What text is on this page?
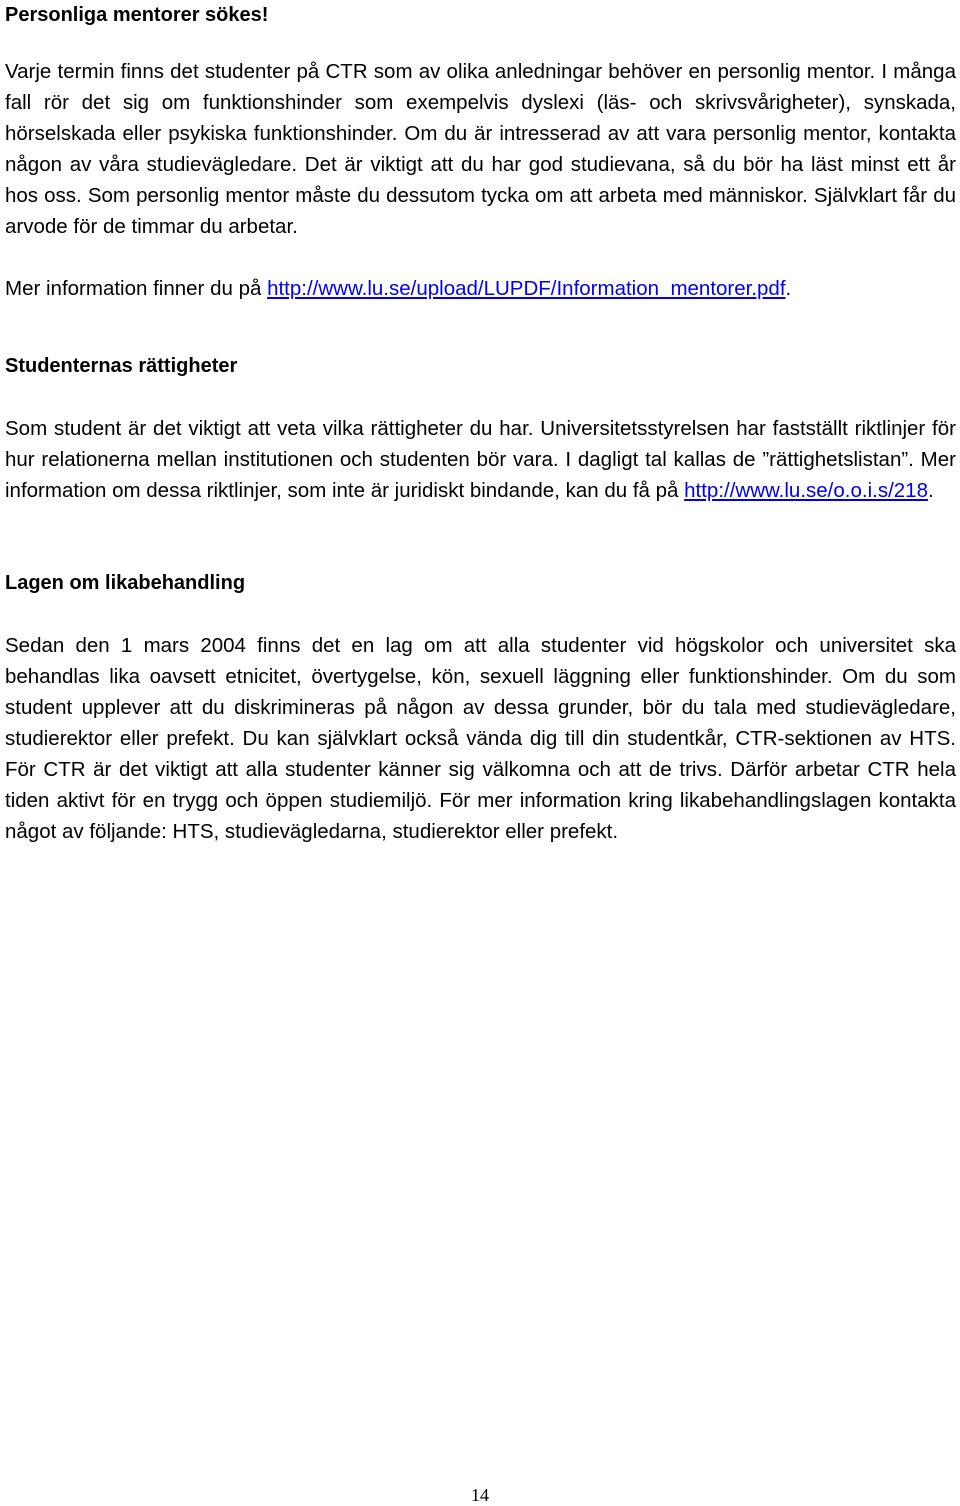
Personliga mentorer sökes!

Varje termin finns det studenter på CTR som av olika anledningar behöver en personlig mentor. I många fall rör det sig om funktionshinder som exempelvis dyslexi (läs- och skrivsvårigheter), synskada, hörselskada eller psykiska funktionshinder. Om du är intresserad av att vara personlig mentor, kontakta någon av våra studievägledare. Det är viktigt att du har god studievana, så du bör ha läst minst ett år hos oss. Som personlig mentor måste du dessutom tycka om att arbeta med människor. Självklart får du arvode för de timmar du arbetar.

Mer information finner du på http://www.lu.se/upload/LUPDF/Information_mentorer.pdf.

Studenternas rättigheter

Som student är det viktigt att veta vilka rättigheter du har. Universitetsstyrelsen har fastställt riktlinjer för hur relationerna mellan institutionen och studenten bör vara. I dagligt tal kallas de ”rättighetslistan”. Mer information om dessa riktlinjer, som inte är juridiskt bindande, kan du få på http://www.lu.se/o.o.i.s/218.

Lagen om likabehandling

Sedan den 1 mars 2004 finns det en lag om att alla studenter vid högskolor och universitet ska behandlas lika oavsett etnicitet, övertygelse, kön, sexuell läggning eller funktionshinder. Om du som student upplever att du diskrimineras på någon av dessa grunder, bör du tala med studievägledare, studierektor eller prefekt. Du kan självklart också vända dig till din studentkår, CTR-sektionen av HTS. För CTR är det viktigt att alla studenter känner sig välkomna och att de trivs. Därför arbetar CTR hela tiden aktivt för en trygg och öppen studiemiljö. För mer information kring likabehandlingslagen kontakta något av följande: HTS, studievägledarna, studierektor eller prefekt.

14
